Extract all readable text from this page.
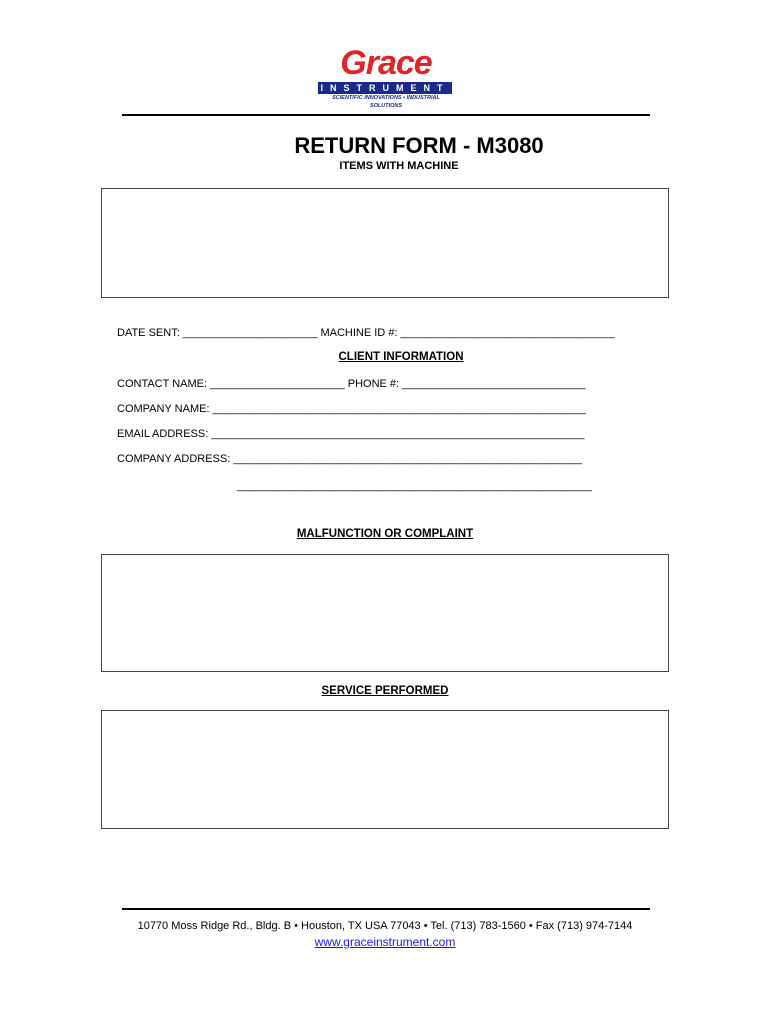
Grace
INSTRUMENT
SCIENTIFIC INNOVATIONS • INDUSTRIAL SOLUTIONS
RETURN FORM - M3080
ITEMS WITH MACHINE
DATE SENT: ______________________ MACHINE ID #: ___________________________________
CLIENT INFORMATION
CONTACT NAME: ______________________ PHONE #: ______________________________
COMPANY NAME: _____________________________________________________________
EMAIL ADDRESS: _____________________________________________________________
COMPANY ADDRESS: _________________________________________________________
__________________________________________________________
MALFUNCTION OR COMPLAINT
SERVICE PERFORMED
10770 Moss Ridge Rd., Bldg. B • Houston, TX USA 77043 • Tel. (713) 783-1560 • Fax (713) 974-7144
www.graceinstrument.com
